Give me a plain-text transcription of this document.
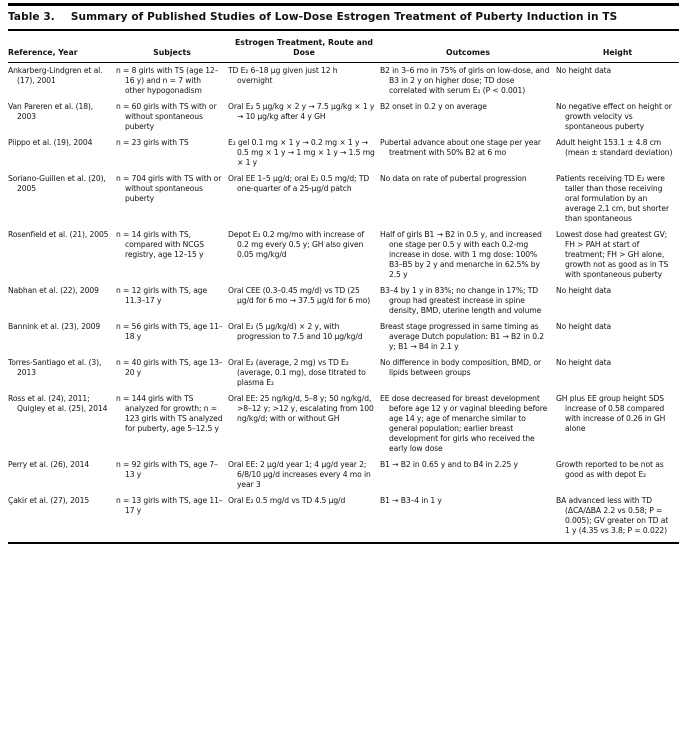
Table 3. Summary of Published Studies of Low-Dose Estrogen Treatment of Puberty Induction in TS
Reference, Year	Subjects	Estrogen Treatment, Route and Dose	Outcomes	Height
Ankarberg-Lindgren et al. (17), 2001	n = 8 girls with TS (age 12–16 y) and n = 7 with other hypogonadism	TD E₂ 6–18 µg given just 12 h overnight	B2 in 3–6 mo in 75% of girls on low-dose, and B3 in 2 y on higher dose; TD dose correlated with serum E₂ (P < 0.001)	No height data
Van Pareren et al. (18), 2003	n = 60 girls with TS with or without spontaneous puberty	Oral E₂ 5 µg/kg × 2 y → 7.5 µg/kg × 1 y → 10 µg/kg after 4 y GH	B2 onset in 0.2 y on average	No negative effect on height or growth velocity vs spontaneous puberty
Piippo et al. (19), 2004	n = 23 girls with TS	E₂ gel 0.1 mg × 1 y → 0.2 mg × 1 y → 0.5 mg × 1 y → 1 mg × 1 y → 1.5 mg × 1 y	Pubertal advance about one stage per year treatment with 50% B2 at 6 mo	Adult height 153.1 ± 4.8 cm (mean ± standard deviation)
Soriano-Guillen et al. (20), 2005	n = 704 girls with TS with or without spontaneous puberty	Oral EE 1–5 µg/d; oral E₂ 0.5 mg/d; TD one-quarter of a 25-µg/d patch	No data on rate of pubertal progression	Patients receiving TD E₂ were taller than those receiving oral formulation by an average 2.1 cm, but shorter than spontaneous
Rosenfield et al. (21), 2005	n = 14 girls with TS, compared with NCGS registry, age 12–15 y	Depot E₂ 0.2 mg/mo with increase of 0.2 mg every 0.5 y; GH also given 0.05 mg/kg/d	Half of girls B1 → B2 in 0.5 y, and increased one stage per 0.5 y with each 0.2-mg increase in dose. with 1 mg dose: 100% B3–B5 by 2 y and menarche in 62.5% by 2.5 y	Lowest dose had greatest GV; FH > PAH at start of treatment; FH > GH alone, growth not as good as in TS with spontaneous puberty
Nabhan et al. (22), 2009	n = 12 girls with TS, age 11.3–17 y	Oral CEE (0.3–0.45 mg/d) vs TD (25 µg/d for 6 mo → 37.5 µg/d for 6 mo)	B3–4 by 1 y in 83%; no change in 17%; TD group had greatest increase in spine density, BMD, uterine length and volume	No height data
Bannink et al. (23), 2009	n = 56 girls with TS, age 11–18 y	Oral E₂ (5 µg/kg/d) × 2 y, with progression to 7.5 and 10 µg/kg/d	Breast stage progressed in same timing as average Dutch population: B1 → B2 in 0.2 y; B1 → B4 in 2.1 y	No height data
Torres-Santiago et al. (3), 2013	n = 40 girls with TS, age 13–20 y	Oral E₂ (average, 2 mg) vs TD E₂ (average, 0.1 mg), dose titrated to plasma E₂	No difference in body composition, BMD, or lipids between groups	No height data
Ross et al. (24), 2011; Quigley et al. (25), 2014	n = 144 girls with TS analyzed for growth; n = 123 girls with TS analyzed for puberty, age 5–12.5 y	Oral EE: 25 ng/kg/d, 5–8 y; 50 ng/kg/d, >8–12 y; >12 y, escalating from 100 ng/kg/d; with or without GH	EE dose decreased for breast development before age 12 y or vaginal bleeding before age 14 y; age of menarche similar to general population; earlier breast development for girls who received the early low dose	GH plus EE group height SDS increase of 0.58 compared with increase of 0.26 in GH alone
Perry et al. (26), 2014	n = 92 girls with TS, age 7–13 y	Oral EE: 2 µg/d year 1; 4 µg/d year 2; 6/8/10 µg/d increases every 4 mo in year 3	B1 → B2 in 0.65 y and to B4 in 2.25 y	Growth reported to be not as good as with depot E₂
Çakir et al. (27), 2015	n = 13 girls with TS, age 11–17 y	Oral E₂ 0.5 mg/d vs TD 4.5 µg/d	B1 → B3–4 in 1 y	BA advanced less with TD (ΔCA/ΔBA 2.2 vs 0.58; P = 0.005); GV greater on TD at 1 y (4.35 vs 3.8; P = 0.022)
